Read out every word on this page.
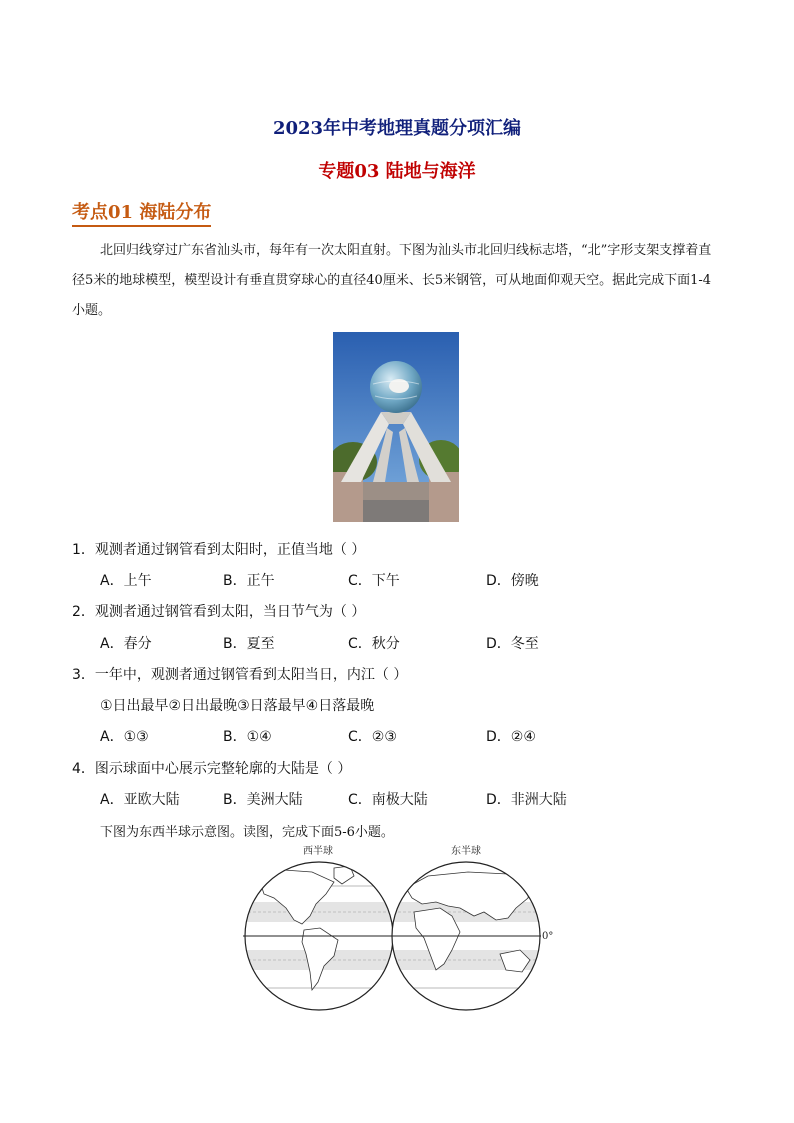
2023年中考地理真题分项汇编
专题03 陆地与海洋
考点01 海陆分布
北回归线穿过广东省汕头市，每年有一次太阳直射。下图为汕头市北回归线标志塔，“北”字形支架支撑着直径5米的地球模型，模型设计有垂直贯穿球心的直径40厘米、长5米钢管，可从地面仰观天空。据此完成下面1-4小题。
1．观测者通过钢管看到太阳时，正值当地（ ）
A．上午	B．正午	C．下午	D．傍晚
2．观测者通过钢管看到太阳，当日节气为（ ）
A．春分	B．夏至	C．秋分	D．冬至
3．一年中，观测者通过钢管看到太阳当日，内江（ ）
①日出最早②日出最晚③日落最早④日落最晚
A．①③	B．①④	C．②③	D．②④
4．图示球面中心展示完整轮廓的大陆是（ ）
A．亚欧大陆	B．美洲大陆	C．南极大陆	D．非洲大陆
下图为东西半球示意图。读图，完成下面5-6小题。
西半球	东半球
0°
